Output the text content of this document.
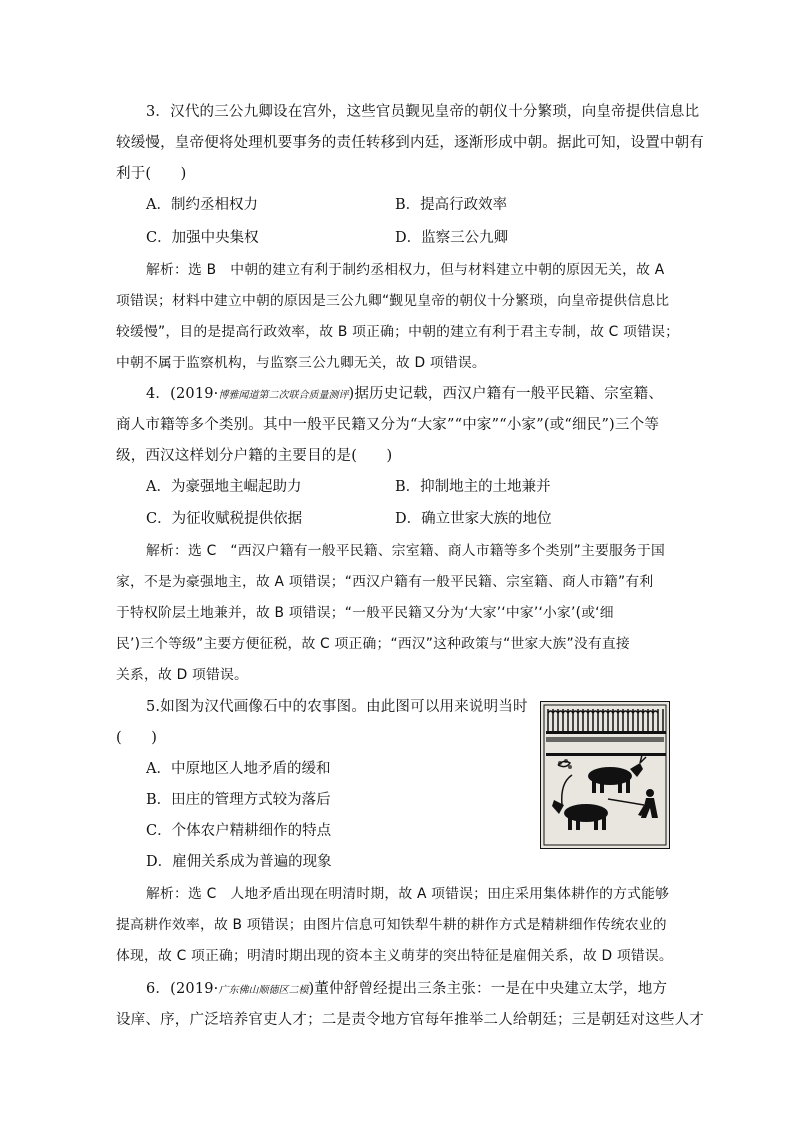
3．汉代的三公九卿设在宫外，这些官员觐见皇帝的朝仪十分繁琐，向皇帝提供信息比
较缓慢，皇帝便将处理机要事务的责任转移到内廷，逐渐形成中朝。据此可知，设置中朝有
利于(　　)
A．制约丞相权力	B．提高行政效率
C．加强中央集权	D．监察三公九卿
解析：选 B　中朝的建立有利于制约丞相权力，但与材料建立中朝的原因无关，故 A
项错误；材料中建立中朝的原因是三公九卿“觐见皇帝的朝仪十分繁琐，向皇帝提供信息比
较缓慢”，目的是提高行政效率，故 B 项正确；中朝的建立有利于君主专制，故 C 项错误；
中朝不属于监察机构，与监察三公九卿无关，故 D 项错误。
4．(2019·博雅闻道第二次联合质量测评)据历史记载，西汉户籍有一般平民籍、宗室籍、
商人市籍等多个类别。其中一般平民籍又分为“大家”“中家”“小家”(或“细民”)三个等
级，西汉这样划分户籍的主要目的是(　　)
A．为豪强地主崛起助力	B．抑制地主的土地兼并
C．为征收赋税提供依据	D．确立世家大族的地位
解析：选 C　“西汉户籍有一般平民籍、宗室籍、商人市籍等多个类别”主要服务于国
家，不是为豪强地主，故 A 项错误；“西汉户籍有一般平民籍、宗室籍、商人市籍”有利
于特权阶层土地兼并，故 B 项错误；“一般平民籍又分为‘大家’‘中家’‘小家’(或‘细
民’)三个等级”主要方便征税，故 C 项正确；“西汉”这种政策与“世家大族”没有直接
关系，故 D 项错误。
5.如图为汉代画像石中的农事图。由此图可以用来说明当时
(　　)
A．中原地区人地矛盾的缓和
B．田庄的管理方式较为落后
C．个体农户精耕细作的特点
D．雇佣关系成为普遍的现象
解析：选 C　人地矛盾出现在明清时期，故 A 项错误；田庄采用集体耕作的方式能够
提高耕作效率，故 B 项错误；由图片信息可知铁犁牛耕的耕作方式是精耕细作传统农业的
体现，故 C 项正确；明清时期出现的资本主义萌芽的突出特征是雇佣关系，故 D 项错误。
6．(2019·广东佛山顺德区二模)董仲舒曾经提出三条主张：一是在中央建立太学，地方
设庠、序，广泛培养官吏人才；二是责令地方官每年推举二人给朝廷；三是朝廷对这些人才
